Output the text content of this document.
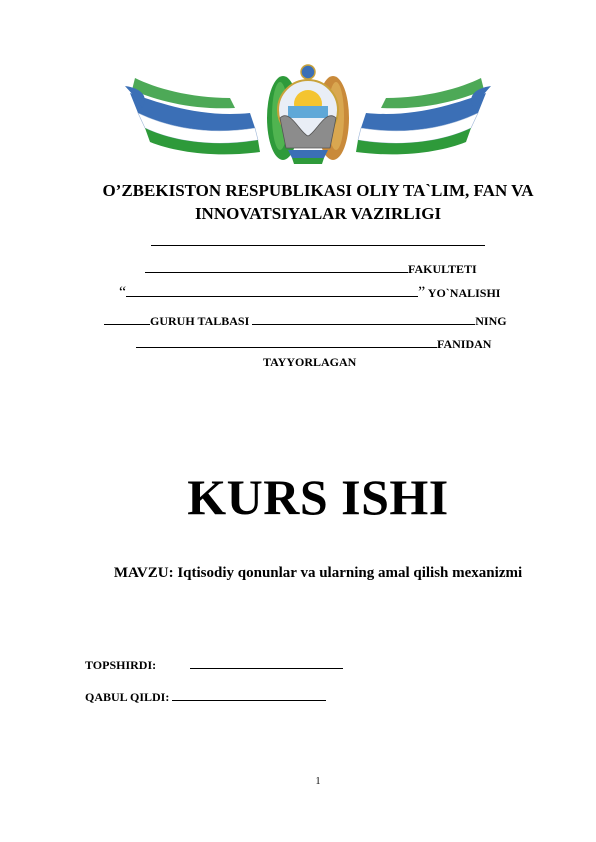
O’ZBEKISTON RESPUBLIKASI OLIY TA`LIM, FAN VA
INNOVATSIYALAR VAZIRLIGI
FAKULTETI
“	” YO`NALISHI
GURUH TALBASI	NING
FANIDAN
TAYYORLAGAN
KURS ISHI
MAVZU: Iqtisodiy qonunlar va ularning amal qilish mexanizmi
TOPSHIRDI:
QABUL QILDI:
1
